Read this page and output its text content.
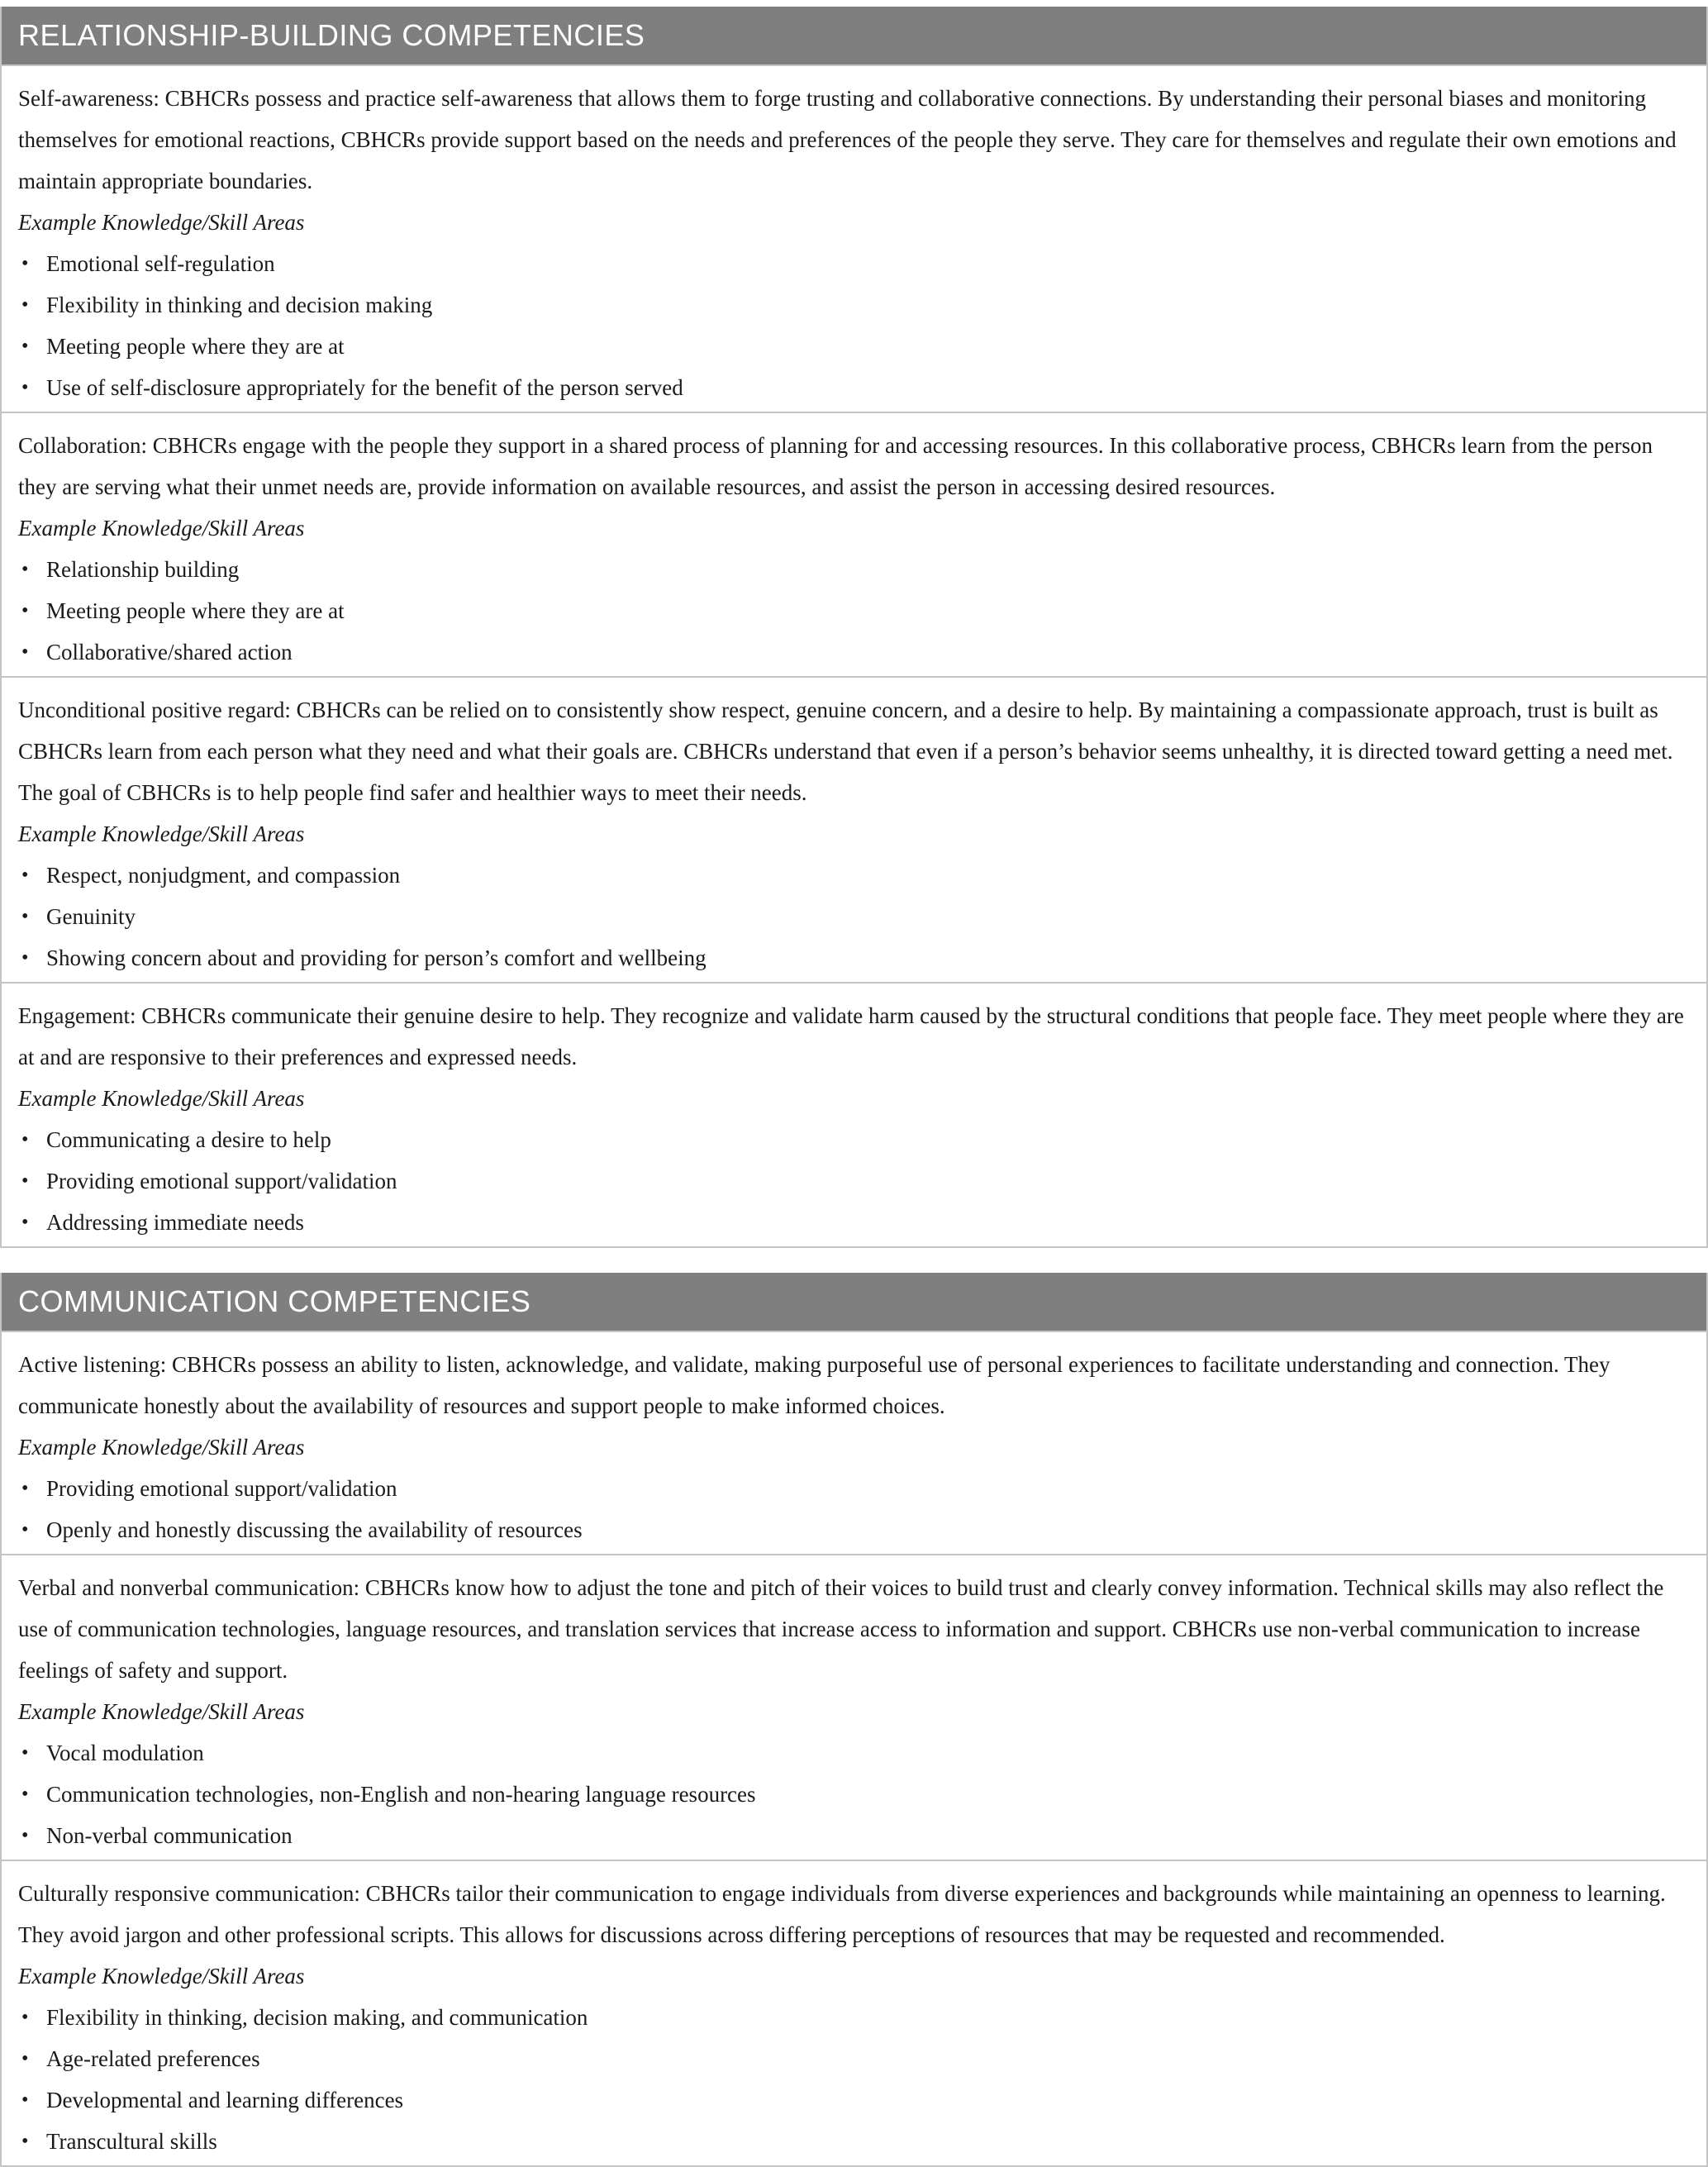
RELATIONSHIP-BUILDING COMPETENCIES

Self-awareness: CBHCRs possess and practice self-awareness that allows them to forge trusting and collaborative connections. By understanding their personal biases and monitoring themselves for emotional reactions, CBHCRs provide support based on the needs and preferences of the people they serve. They care for themselves and regulate their own emotions and maintain appropriate boundaries.

Example Knowledge/Skill Areas

• Emotional self-regulation
• Flexibility in thinking and decision making
• Meeting people where they are at
• Use of self-disclosure appropriately for the benefit of the person served

Collaboration: CBHCRs engage with the people they support in a shared process of planning for and accessing resources. In this collaborative process, CBHCRs learn from the person they are serving what their unmet needs are, provide information on available resources, and assist the person in accessing desired resources.

Example Knowledge/Skill Areas

• Relationship building
• Meeting people where they are at
• Collaborative/shared action

Unconditional positive regard: CBHCRs can be relied on to consistently show respect, genuine concern, and a desire to help. By maintaining a compassionate approach, trust is built as CBHCRs learn from each person what they need and what their goals are. CBHCRs understand that even if a person’s behavior seems unhealthy, it is directed toward getting a need met. The goal of CBHCRs is to help people find safer and healthier ways to meet their needs.

Example Knowledge/Skill Areas

• Respect, nonjudgment, and compassion
• Genuinity
• Showing concern about and providing for person’s comfort and wellbeing

Engagement: CBHCRs communicate their genuine desire to help. They recognize and validate harm caused by the structural conditions that people face. They meet people where they are at and are responsive to their preferences and expressed needs.

Example Knowledge/Skill Areas

• Communicating a desire to help
• Providing emotional support/validation
• Addressing immediate needs
COMMUNICATION COMPETENCIES

Active listening: CBHCRs possess an ability to listen, acknowledge, and validate, making purposeful use of personal experiences to facilitate understanding and connection. They communicate honestly about the availability of resources and support people to make informed choices.

Example Knowledge/Skill Areas

• Providing emotional support/validation
• Openly and honestly discussing the availability of resources

Verbal and nonverbal communication: CBHCRs know how to adjust the tone and pitch of their voices to build trust and clearly convey information. Technical skills may also reflect the use of communication technologies, language resources, and translation services that increase access to information and support. CBHCRs use non-verbal communication to increase feelings of safety and support.

Example Knowledge/Skill Areas

• Vocal modulation
• Communication technologies, non-English and non-hearing language resources
• Non-verbal communication

Culturally responsive communication: CBHCRs tailor their communication to engage individuals from diverse experiences and backgrounds while maintaining an openness to learning. They avoid jargon and other professional scripts. This allows for discussions across differing perceptions of resources that may be requested and recommended.

Example Knowledge/Skill Areas

• Flexibility in thinking, decision making, and communication
• Age-related preferences
• Developmental and learning differences
• Transcultural skills
